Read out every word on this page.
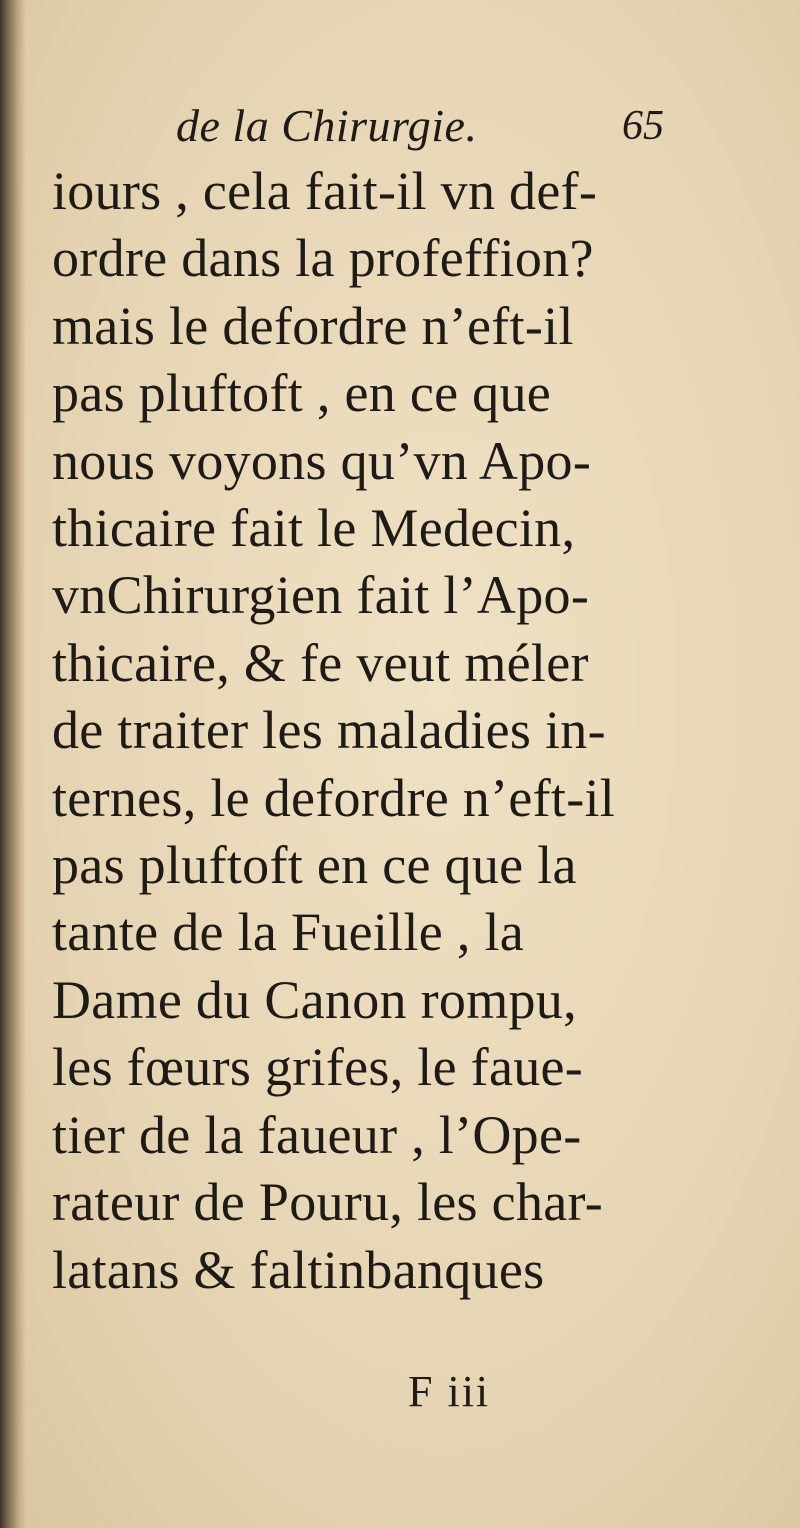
de la Chirurgie.	65
iours , cela fait-il vn def-
ordre dans la profeffion?
mais le defordre n’eft-il
pas pluftoft , en ce que
nous voyons qu’vn Apo-
thicaire fait le Medecin,
vnChirurgien fait l’Apo-
thicaire, & fe veut méler
de traiter les maladies in-
ternes, le defordre n’eft-il
pas pluftoft en ce que la
tante de la Fueille , la
Dame du Canon rompu,
les fœurs grifes, le faue-
tier de la faueur , l’Ope-
rateur de Pouru, les char-
latans & faltinbanques
F iii
